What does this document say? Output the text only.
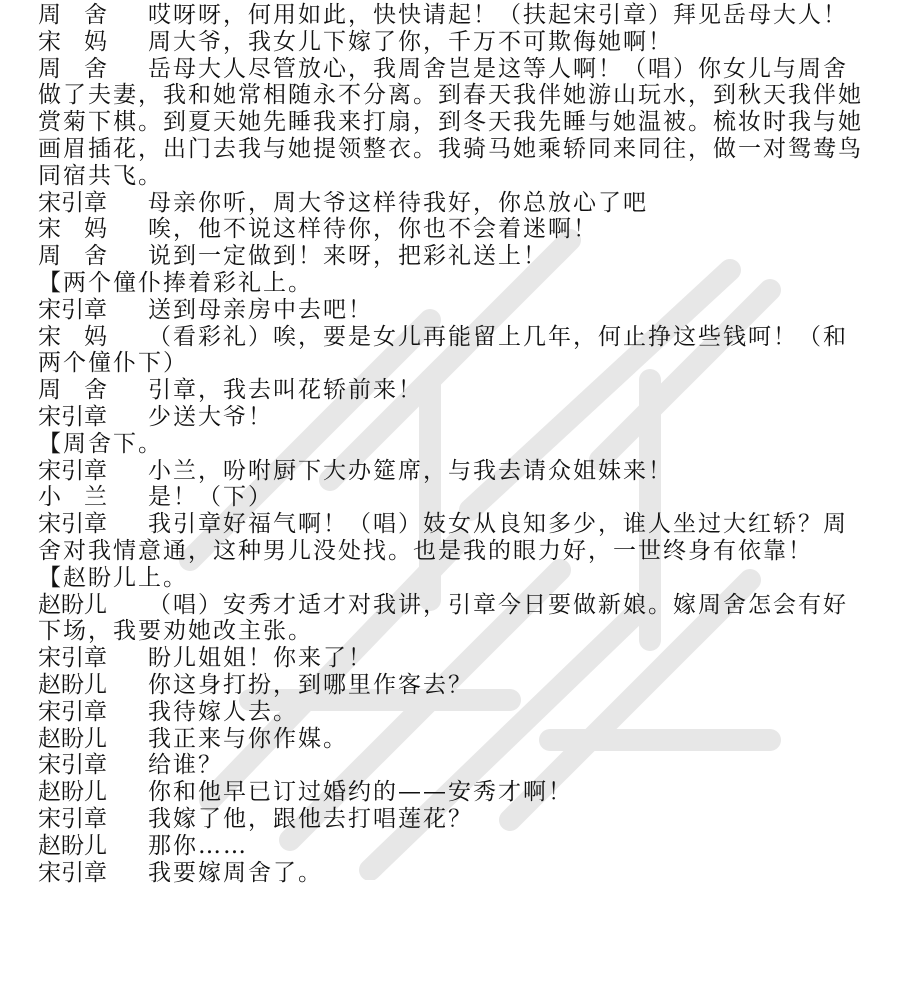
周　舍 哎呀呀，何用如此，快快请起！（扶起宋引章）拜见岳母大人！

宋　妈 周大爷，我女儿下嫁了你，千万不可欺侮她啊！

周　舍 岳母大人尽管放心，我周舍岂是这等人啊！（唱）你女儿与周舍做了夫妻，我和她常相随永不分离。到春天我伴她游山玩水，到秋天我伴她赏菊下棋。到夏天她先睡我来打扇，到冬天我先睡与她温被。梳妆时我与她画眉插花，出门去我与她提领整衣。我骑马她乘轿同来同往，做一对鸳鸯鸟同宿共飞。

宋引章 母亲你听，周大爷这样待我好，你总放心了吧

宋　妈 唉，他不说这样待你，你也不会着迷啊！

周　舍 说到一定做到！来呀，把彩礼送上！

【两个僮仆捧着彩礼上。

宋引章 送到母亲房中去吧！

宋　妈 （看彩礼）唉，要是女儿再能留上几年，何止挣这些钱呵！（和两个僮仆下）

周　舍 引章，我去叫花轿前来！

宋引章 少送大爷！

【周舍下。

宋引章 小兰，吩咐厨下大办筵席，与我去请众姐妹来！

小　兰 是！（下）

宋引章 我引章好福气啊！（唱）妓女从良知多少，谁人坐过大红轿？周舍对我情意通，这种男儿没处找。也是我的眼力好，一世终身有依靠！

【赵盼儿上。

赵盼儿 （唱）安秀才适才对我讲，引章今日要做新娘。嫁周舍怎会有好下场，我要劝她改主张。

宋引章 盼儿姐姐！你来了！

赵盼儿 你这身打扮，到哪里作客去？

宋引章 我待嫁人去。

赵盼儿 我正来与你作媒。

宋引章 给谁？

赵盼儿 你和他早已订过婚约的——安秀才啊！

宋引章 我嫁了他，跟他去打唱莲花？

赵盼儿 那你……

宋引章 我要嫁周舍了。
